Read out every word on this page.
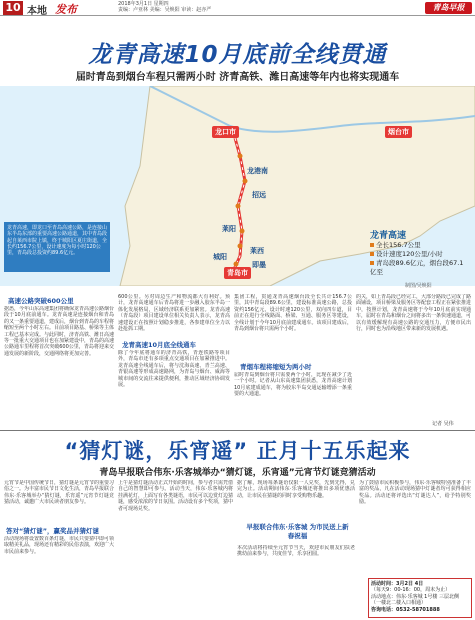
10 本地 发布	2018年3月1日 星期四
责编：卢亚林 美编：吴焕阳 审读：赵亦严	青岛早报
龙青高速10月底前全线贯通
届时青岛到烟台车程只需两小时 济青高铁、潍日高速等年内也将实现通车
龙口市	烟台市
青岛市
龙港南
招远
莱阳
莱西
即墨
城阳
龙青高速，即龙口至青岛高速公路，是连接山东半岛东部的重要高速公路通道，其中青岛段起自莱西市院上镇，终于城阳区夏庄街道，全长约156.7公里，设计速度为每小时120公里，青岛段总投资约89.6亿元。
龙青高速
全长156.7公里
设计速度120公里/小时
青岛段89.6亿元，烟台段67.1亿至
制图/吴焕阳
高速公路突破600公里
据悉，今年山东高速集团将确保龙青高速公路烟台段于10月底前通车。龙青高速是连接烟台和青岛的又一条重要通道，建成后，烟台到青岛的车程将缩短至两个小时左右。目前项目路基、桥梁等主体工程已基本完成。与此同时，济青高铁、潍日高速等一批重大交通项目也在加紧建设中，青岛的高速公路通车里程将首次突破600公里，青岛将迎来交通发展的新阶段，交通网络将更加完善。
600公里。另对周边生产和物流都大有利好。预计，龙青高速通车后青岛将进一步融入胶东半岛一体化发展格局，区域经济联系更加紧密。龙青高速（青岛段）项目建设单位相关负责人表示，龙青高速建设正在按照计划稳步推进，各参建单位全力以赴抢抓工期。
龙青高速10月底全线通车
除了今年底将通车的济青高铁，青连铁路等项目外，青岛市还有多项重点交通项目在加紧推进中。龙青高速全线通车后，将与沈海高速、青兰高速、青银高速等形成高速路网，为青岛与烟台、威海等城市间的交流往来提供便利，推动区域经济协调发展。
集团工程，贯通龙青高速烟台段全长共计156.7公里，其中青岛段89.6公里，建设标准高速公路，总投资约156亿元，设计时速120公里，双向四车道，目前正在进行全线路面、桥梁、互通、服务区等建设，全线计划于今年10月底前建成通车。该项目建成后，青岛到烟台将只需两个小时。
青烟车程将缩短为两小时
届时青岛到烟台将只需要两个小时，比现在减少了近一个小时。记者从山东高速集团获悉，龙青高速计划10月底建成通车，将为胶东半岛交通运输增添一条重要的大通道。
的关，如上青岛段已经完工，大部分路段已完成了路面铺设，项目桥梁及服务区等配套工程正在紧张推进中，按照计划，龙青高速将于今年10月底前实现通车，届时在青岛和烟台之间将多出一条快速通道，可以有效缓解现有高速公路的交通压力，方便市民出行，同时也为沿线地区带来新的发展机遇。
记者 吴伟
“猜灯谜，乐宵遥” 正月十五乐起来
青岛早报联合伟东·乐客城举办“猜灯谜，乐宵遥”元宵节灯谜竞猜活动
元宵节是中国传统节日，猜灯谜是元宵节的重要习俗之一。为丰富市民节日文化生活，青岛早报联合伟东·乐客城举办“猜灯谜，乐宵遥”元宵节灯谜竞猜活动，诚邀广大市民读者朋友参与。
答对“猜灯谜”，赢奖品并猜灯谜
活动现场将设置数百条灯谜，市民只要猜中即可领取精美礼品，现场还有精彩的民俗表演，欢迎广大市民前来参与。
上午是猜灯谜活动正式开始的时间，参与者只需凭借自己的智慧即可参与。活动当天，伟东·乐客城内将挂满花灯，上面写有各类谜语，市民可以边赏灯边猜谜，感受浓浓的节日氛围。活动设有多个奖项，猜中者可现场兑奖。
据了解，现场每条谜语仅限一人兑奖，先到先得，兑完为止。活动期间伟东·乐客城还将推出多项优惠活动，让市民在猜谜的同时享受购物乐趣。
早报联合伟东·乐客城 为市民送上新春祝福
本次活动将持续至元宵节当天，欢迎市民朋友们扶老携幼前来参与，共度佳节，乐享团圆。
为了鼓励市民积极参与，伟东·乐客城特别准备了丰富的奖品，凡在活动现场猜中灯谜者均可获得相应奖品。活动还将评选出“灯谜达人”，给予特别奖励。
活动时间：3月2日 4日
（每天9：00-16：00，周末为止）
活动地点：伟东·乐客城 1号楼 三层北侧
（一楼北二楼入口相通）
咨询电话：0532-58701888
